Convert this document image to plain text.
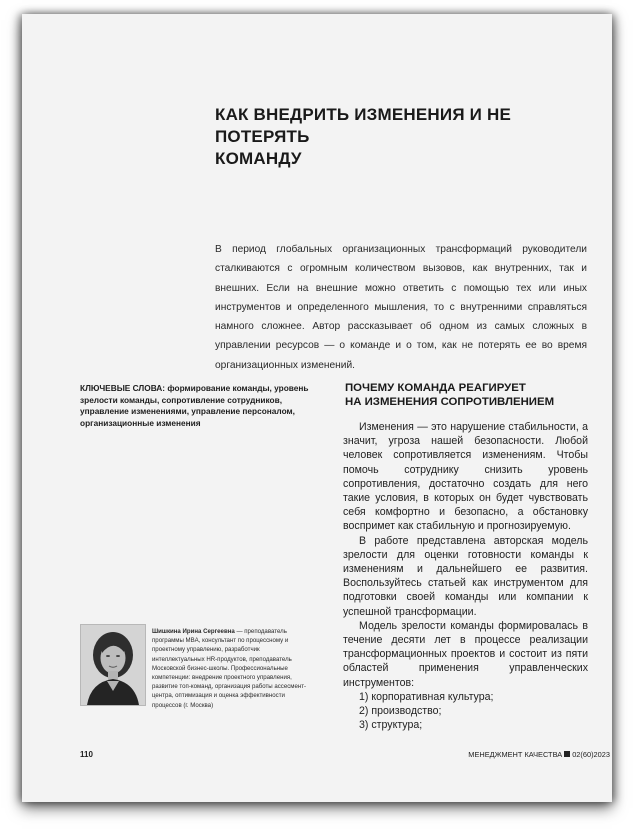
КАК ВНЕДРИТЬ ИЗМЕНЕНИЯ И НЕ ПОТЕРЯТЬ
КОМАНДУ

В период глобальных организационных трансформаций руководители сталкиваются с огромным количеством вызовов, как внутренних, так и внешних. Если на внешние можно ответить с помощью тех или иных инструментов и определенного мышления, то с внутренними справляться намного сложнее. Автор рассказывает об одном из самых сложных в управлении ресурсов — о команде и о том, как не потерять ее во время организационных изменений.

КЛЮЧЕВЫЕ СЛОВА: формирование команды, уровень зрелости команды, сопротивление сотрудников, управление изменениями, управление персоналом, организационные изменения
ПОЧЕМУ КОМАНДА РЕАГИРУЕТ
НА ИЗМЕНЕНИЯ СОПРОТИВЛЕНИЕМ

Изменения — это нарушение стабильности, а значит, угроза нашей безопасности. Любой человек сопротивляется изменениям. Чтобы помочь сотруднику снизить уровень сопротивления, достаточно создать для него такие условия, в которых он будет чувствовать себя комфортно и безопасно, а обстановку воспримет как стабильную и прогнозируемую.

В работе представлена авторская модель зрелости для оценки готовности команды к изменениям и дальнейшего ее развития. Воспользуйтесь статьей как инструментом для подготовки своей команды или компании к успешной трансформации.

Модель зрелости команды формировалась в течение десяти лет в процессе реализации трансформационных проектов и состоит из пяти областей применения управленческих инструментов:

1) корпоративная культура;

2) производство;

3) структура;

Шишкина Ирина Сергеевна — преподаватель программы MBA, консультант по процессному и проектному управлению, разработчик интеллектуальных HR-продуктов, преподаватель Московской бизнес-школы. Профессиональные компетенции: внедрение проектного управления, развитие топ-команд, организация работы ассесмент-центра, оптимизация и оценка эффективности процессов (г. Москва)
110	МЕНЕДЖМЕНТ КАЧЕСТВА 02(60)2023
